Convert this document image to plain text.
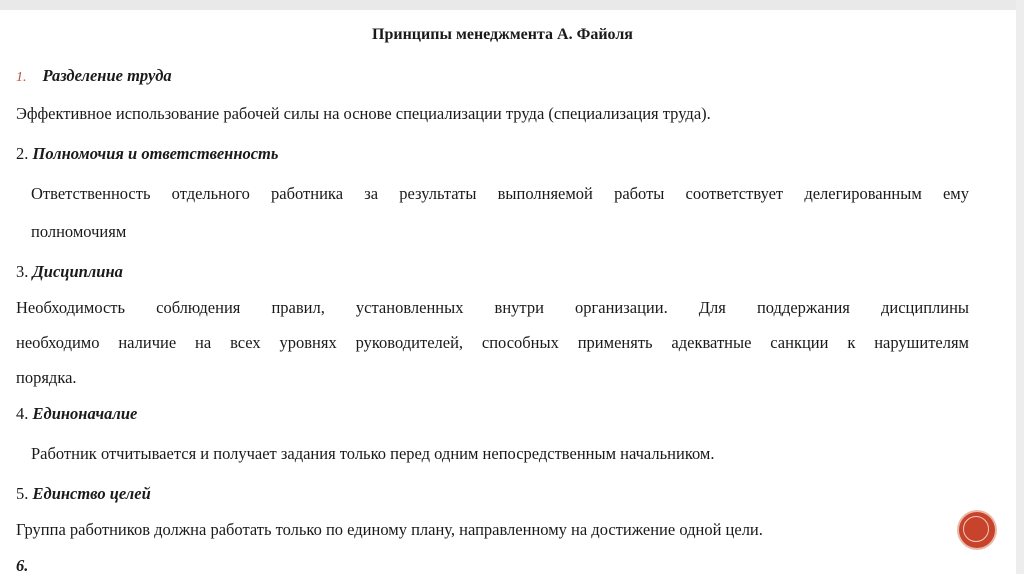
Принципы менеджмента А. Файоля
1. Разделение труда
Эффективное использование рабочей силы на основе специализации труда (специализация труда).
2. Полномочия и ответственность
Ответственность отдельного работника за результаты выполняемой работы соответствует делегированным ему
полномочиям
3. Дисциплина
Необходимость соблюдения правил, установленных внутри организации. Для поддержания дисциплины
необходимо наличие на всех уровнях руководителей, способных применять адекватные санкции к нарушителям
порядка.
4. Единоначалие
Работник отчитывается и получает задания только перед одним непосредственным начальником.
5. Единство целей
Группа работников должна работать только по единому плану, направленному на достижение одной цели.
6.
